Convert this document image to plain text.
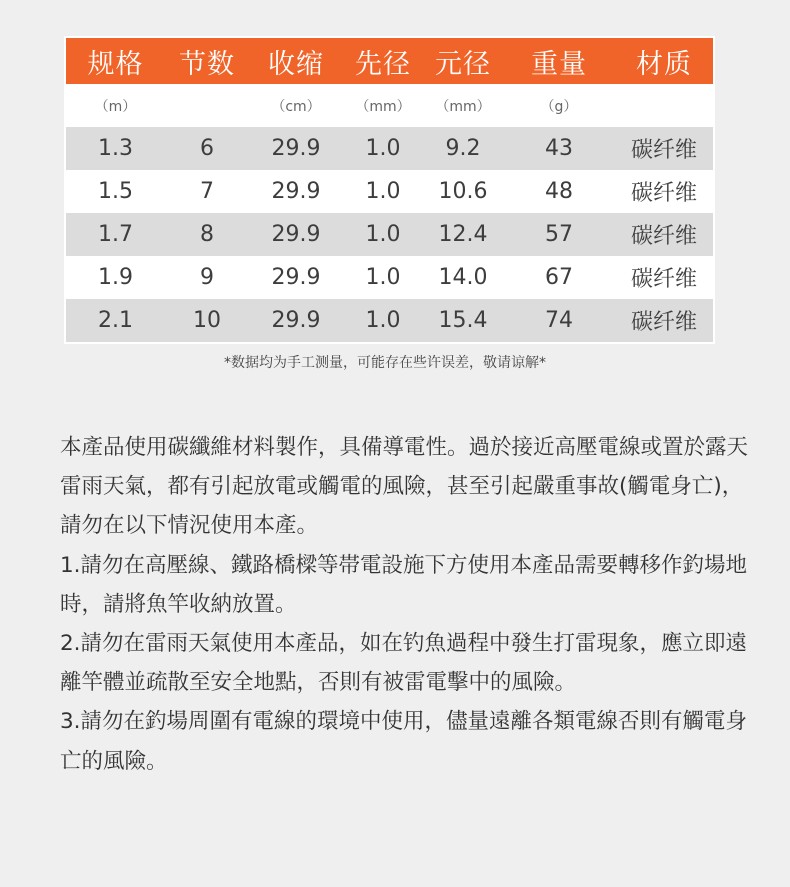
规格	节数	收缩	先径	元径	重量	材质
（m）		（cm）	（mm）	（mm）	（g）	
1.3	6	29.9	1.0	9.2	43	碳纤维
1.5	7	29.9	1.0	10.6	48	碳纤维
1.7	8	29.9	1.0	12.4	57	碳纤维
1.9	9	29.9	1.0	14.0	67	碳纤维
2.1	10	29.9	1.0	15.4	74	碳纤维
*数据均为手工测量，可能存在些许误差，敬请谅解*

本產品使用碳纖維材料製作，具備導電性。過於接近高壓電線或置於露天雷雨天氣，都有引起放電或觸電的風險，甚至引起嚴重事故(觸電身亡)，請勿在以下情況使用本產。

1.請勿在高壓線、鐵路橋樑等帯電設施下方使用本產品需要轉移作釣場地時，請將魚竿收納放置。

2.請勿在雷雨天氣使用本產品，如在钓魚過程中發生打雷現象，應立即遠離竿體並疏散至安全地點，否則有被雷電擊中的風險。

3.請勿在釣場周圍有電線的環境中使用，儘量遠離各類電線否則有觸電身亡的風險。
